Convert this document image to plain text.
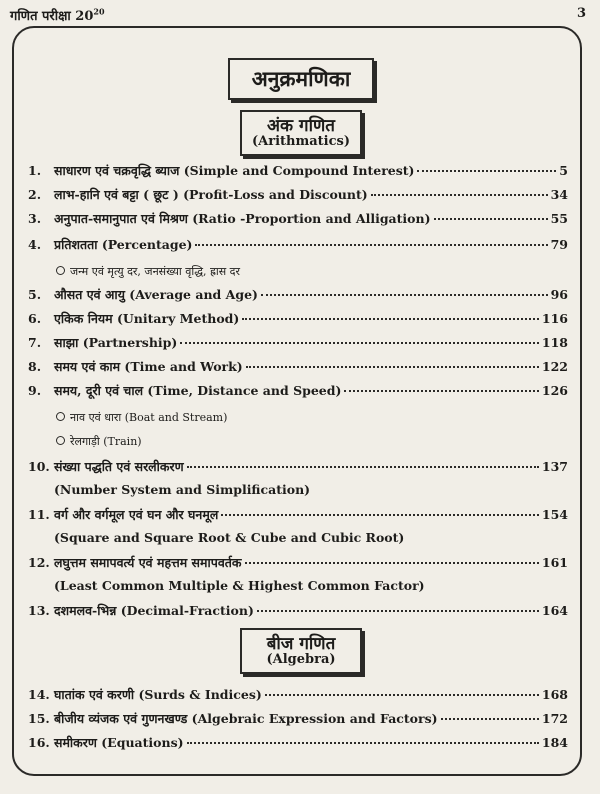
गणित परीक्षा $20^{20}$	3
अनुक्रमणिका
अंक गणित
(Arithmatics)
1.	साधारण एवं चक्रवृद्धि ब्याज (Simple and Compound Interest)	5
2.	लाभ-हानि एवं बट्टा ( छूट ) (Profit-Loss and Discount)	34
3.	अनुपात-समानुपात एवं मिश्रण (Ratio -Proportion and Alligation)	55
4.	प्रतिशतता (Percentage)	79
जन्म एवं मृत्यु दर, जनसंख्या वृद्धि, ह्रास दर
5.	औसत एवं आयु (Average and Age)	96
6.	एकिक नियम (Unitary Method)	116
7.	साझा (Partnership)	118
8.	समय एवं काम (Time and Work)	122
9.	समय, दूरी एवं चाल (Time, Distance and Speed)	126
नाव एवं धारा (Boat and Stream)
रेलगाड़ी (Train)
10. संख्या पद्धति एवं सरलीकरण	137
(Number System and Simplification)
11. वर्ग और वर्गमूल एवं घन और घनमूल	154
(Square and Square Root & Cube and Cubic Root)
12. लघुत्तम समापवर्त्य एवं महत्तम समापवर्तक	161
(Least Common Multiple & Highest Common Factor)
13. दशमलव-भिन्न (Decimal-Fraction)	164
बीज गणित
(Algebra)
14. घातांक एवं करणी (Surds & Indices)	168
15. बीजीय व्यंजक एवं गुणनखण्ड (Algebraic Expression and Factors)	172
16. समीकरण (Equations)	184
